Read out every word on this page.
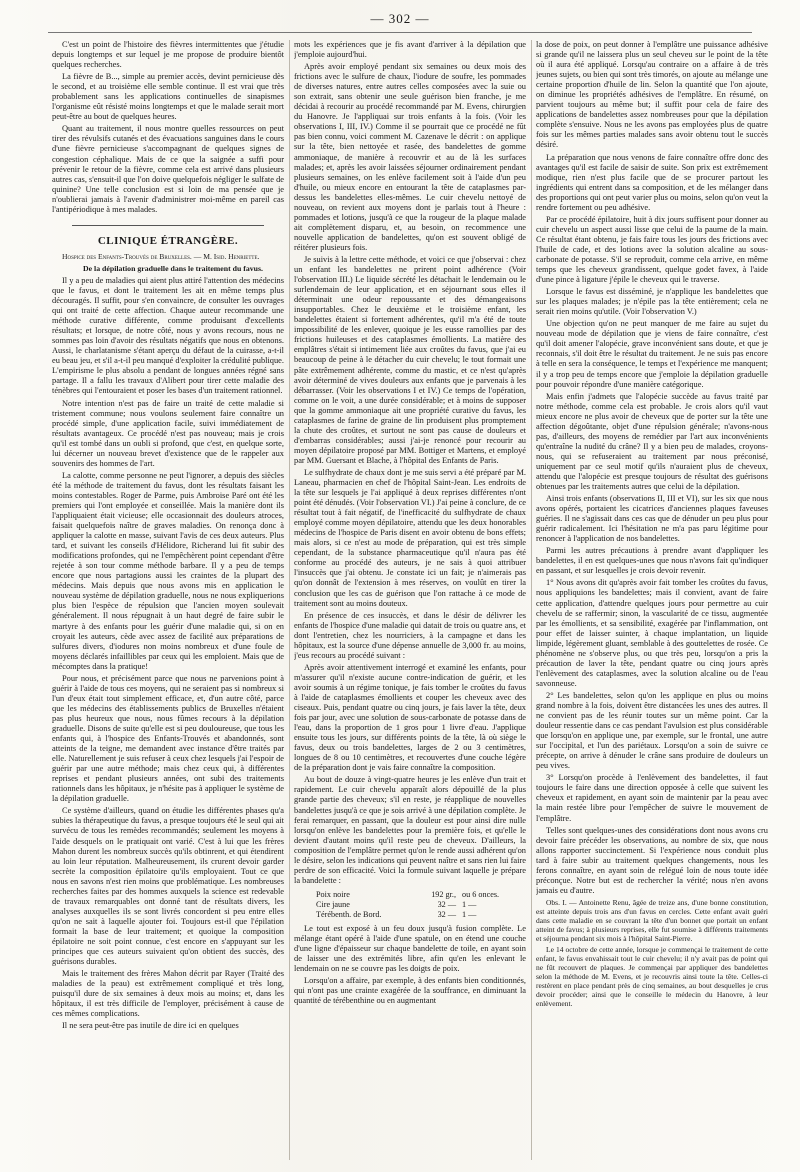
— 302 —

C'est un point de l'histoire des fièvres intermittentes que j'étudie depuis longtemps et sur lequel je me propose de produire bientôt quelques recherches.

La fièvre de B..., simple au premier accès, devint pernicieuse dès le second, et au troisième elle semble continue. Il est vrai que très probablement sans les applications continuelles de sinapismes l'organisme eût résisté moins longtemps et que le malade serait mort peut-être au bout de quelques heures.

Quant au traitement, il nous montre quelles ressources on peut tirer des révulsifs cutanés et des évacuations sanguines dans le cours d'une fièvre pernicieuse s'accompagnant de quelques signes de congestion céphalique. Mais de ce que la saignée a suffi pour prévenir le retour de la fièvre, comme cela est arrivé dans plusieurs autres cas, s'ensuit-il que l'on doive quelquefois négliger le sulfate de quinine? Une telle conclusion est si loin de ma pensée que je n'oublierai jamais à l'avenir d'administrer moi-même en pareil cas l'antipériodique à mes malades.

CLINIQUE ÉTRANGÈRE.

Hospice des Enfants-Trouvés de Bruxelles. — M. Isid. Henriette.

De la dépilation graduelle dans le traitement du favus.

Il y a peu de maladies qui aient plus attiré l'attention des médecins que le favus, et dont le traitement les ait en même temps plus découragés. Il suffit, pour s'en convaincre, de consulter les ouvrages qui ont traité de cette affection. Chaque auteur recommande une méthode curative différente, comme produisant d'excellents résultats; et lorsque, de notre côté, nous y avons recours, nous ne sommes pas loin d'avoir des résultats négatifs que nous en obtenons. Aussi, le charlatanisme s'étant aperçu du défaut de la cuirasse, a-t-il eu beau jeu, et s'il a-t-il peu manqué d'exploiter la crédulité publique. L'empirisme le plus absolu a pendant de longues années régné sans partage. Il a fallu les travaux d'Alibert pour tirer cette maladie des ténèbres qui l'entouraient et poser les bases d'un traitement rationnel.

Notre intention n'est pas de faire un traité de cette maladie si tristement commune; nous voulons seulement faire connaître un procédé simple, d'une application facile, suivi immédiatement de résultats avantageux. Ce procédé n'est pas nouveau; mais je crois qu'il est tombé dans un oubli si profond, que c'est, en quelque sorte, lui décerner un nouveau brevet d'existence que de le rappeler aux souvenirs des hommes de l'art.

La calotte, comme personne ne peut l'ignorer, a depuis des siècles été la méthode de traitement du favus, dont les résultats faisant les moins contestables. Roger de Parme, puis Ambroise Paré ont été les premiers qui l'ont employée et conseillée. Mais la manière dont ils l'appliquaient était vicieuse; elle occasionnait des douleurs atroces, faisait quelquefois naître de graves maladies. On renonça donc à appliquer la calotte en masse, suivant l'avis de ces deux auteurs. Plus tard, et suivant les conseils d'Hélidore, Richerand lui fit subir des modifications profondes, qui ne l'empêchèrent point cependant d'être rejetée à son tour comme méthode barbare. Il y a peu de temps encore que nous partagions aussi les craintes de la plupart des médecins. Mais depuis que nous avons mis en application le nouveau système de dépilation graduelle, nous ne nous expliquerions plus bien l'espèce de répulsion que l'ancien moyen soulevait généralement. Il nous répugnait à un haut degré de faire subir le martyre à des enfants pour les guérir d'une maladie qui, si on en croyait les auteurs, cède avec assez de facilité aux préparations de sulfures divers, d'iodures non moins nombreux et d'une foule de moyens déclarés infaillibles par ceux qui les emploient. Mais que de mécomptes dans la pratique!

Pour nous, et précisément parce que nous ne parvenions point à guérir à l'aide de tous ces moyens, qui ne seraient pas si nombreux si l'un d'eux était tout simplement efficace, et, d'un autre côté, parce que les médecins des établissements publics de Bruxelles n'étaient pas plus heureux que nous, nous fûmes recours à la dépilation graduelle. Disons de suite qu'elle est si peu douloureuse, que tous les enfants qui, à l'hospice des Enfants-Trouvés et abandonnés, sont atteints de la teigne, me demandent avec instance d'être traités par elle. Naturellement je suis refuser à ceux chez lesquels j'ai l'espoir de guérir par une autre méthode; mais chez ceux qui, à différentes reprises et pendant plusieurs années, ont subi des traitements rationnels dans les hôpitaux, je n'hésite pas à appliquer le système de la dépilation graduelle.

Ce système d'ailleurs, quand on étudie les différentes phases qu'a subies la thérapeutique du favus, a presque toujours été le seul qui ait survécu de tous les remèdes recommandés; seulement les moyens à l'aide desquels on le pratiquait ont varié. C'est à lui que les frères Mahon durent les nombreux succès qu'ils obtinrent, et qui étendirent au loin leur réputation. Malheureusement, ils crurent devoir garder secrète la composition épilatoire qu'ils employaient. Tout ce que nous en savons n'est rien moins que problématique. Les nombreuses recherches faites par des hommes auxquels la science est redevable de travaux remarquables ont donné tant de résultats divers, les analyses auxquelles ils se sont livrés concordent si peu entre elles qu'on ne sait à laquelle ajouter foi. Toujours est-il que l'épilation formait la base de leur traitement; et quoique la composition épilatoire ne soit point connue, c'est encore en s'appuyant sur les principes que ces auteurs suivaient qu'on obtient des succès, des guérisons durables.

Mais le traitement des frères Mahon décrit par Rayer (Traité des maladies de la peau) est extrêmement compliqué et très long, puisqu'il dure de six semaines à deux mois au moins; et, dans les hôpitaux, il est très difficile de l'employer, précisément à cause de ces mêmes complications.

Il ne sera peut-être pas inutile de dire ici en quelques

mots les expériences que je fis avant d'arriver à la dépilation que j'emploie aujourd'hui.

Après avoir employé pendant six semaines ou deux mois des frictions avec le sulfure de chaux, l'iodure de soufre, les pommades de diverses natures, entre autres celles composées avec la suie ou son extrait, sans obtenir une seule guérison bien franche, je me décidai à recourir au procédé recommandé par M. Evens, chirurgien du Hanovre. Je l'appliquai sur trois enfants à la fois. (Voir les observations I, III, IV.) Comme il se pourrait que ce procédé ne fût pas bien connu, voici comment M. Cazenave le décrit : on applique sur la tête, bien nettoyée et rasée, des bandelettes de gomme ammoniaque, de manière à recouvrir et au de là les surfaces malades; et, après les avoir laissées séjourner ordinairement pendant plusieurs semaines, on les enlève facilement soit à l'aide d'un peu d'huile, ou mieux encore en entourant la tête de cataplasmes par-dessus les bandelettes elles-mêmes. Le cuir chevelu nettoyé de nouveau, on revient aux moyens dont je parlais tout à l'heure : pommades et lotions, jusqu'à ce que la rougeur de la plaque malade ait complètement disparu, et, au besoin, on recommence une nouvelle application de bandelettes, qu'on est souvent obligé de réitérer plusieurs fois.

Je suivis à la lettre cette méthode, et voici ce que j'observai : chez un enfant les bandelettes ne prirent point adhérence (Voir l'observation III.) Le liquide sécrété les détachait le lendemain ou le surlendemain de leur application, et en séjournant sous elles il déterminait une odeur repoussante et des démangeaisons insupportables. Chez le deuxième et le troisième enfant, les bandelettes étaient si fortement adhérentes, qu'il m'a été de toute impossibilité de les enlever, quoique je les eusse ramollies par des frictions huileuses et des cataplasmes émollients. La matière des emplâtres s'était si intimement liée aux croûtes du favus, que j'ai eu beaucoup de peine à le détacher du cuir chevelu; le tout formait une pâte extrêmement adhérente, comme du mastic, et ce n'est qu'après avoir déterminé de vives douleurs aux enfants que je parvenais à les débarrasser. (Voir les observations I et IV.) Ce temps de l'opération, comme on le voit, a une durée considérable; et à moins de supposer que la gomme ammoniaque ait une propriété curative du favus, les cataplasmes de farine de graine de lin produisent plus promptement la chute des croûtes, et surtout ne sont pas cause de douleurs et d'embarras considérables; aussi j'ai-je renoncé pour recourir au moyen dépilatoire proposé par MM. Bottiger et Martens, et employé par MM. Guersant et Blache, à l'hôpital des Enfants de Paris.

Le sulfhydrate de chaux dont je me suis servi a été préparé par M. Laneau, pharmacien en chef de l'hôpital Saint-Jean. Les endroits de la tête sur lesquels je l'ai appliqué à deux reprises différentes n'ont point été dénudés. (Voir l'observation VI.) J'ai peine à conclure, de ce résultat tout à fait négatif, de l'inefficacité du sulfhydrate de chaux employé comme moyen dépilatoire, attendu que les deux honorables médecins de l'hospice de Paris disent en avoir obtenu de bons effets; mais alors, si ce n'est au mode de préparation, qui est très simple cependant, de la substance pharmaceutique qu'il n'aura pas été conforme au procédé des auteurs, je ne sais à quoi attribuer l'insuccès que j'ai obtenu. Je constate ici un fait; je n'aimerais pas qu'on donnât de l'extension à mes réserves, on voulût en tirer la conclusion que les cas de guérison que l'on rattache à ce mode de traitement sont au moins douteux.

En présence de ces insuccès, et dans le désir de délivrer les enfants de l'hospice d'une maladie qui datait de trois ou quatre ans, et dont l'entretien, chez les nourriciers, à la campagne et dans les hôpitaux, est la source d'une dépense annuelle de 3,000 fr. au moins, j'eus recours au procédé suivant :

Après avoir attentivement interrogé et examiné les enfants, pour m'assurer qu'il n'existe aucune contre-indication de guérir, et les avoir soumis à un régime tonique, je fais tomber le croûtes du favus à l'aide de cataplasmes émollients et couper les cheveux avec des ciseaux. Puis, pendant quatre ou cinq jours, je fais laver la tête, deux fois par jour, avec une solution de sous-carbonate de potasse dans de l'eau, dans la proportion de 1 gros pour 1 livre d'eau. J'applique ensuite tous les jours, sur différents points de la tête, là où siège le favus, deux ou trois bandelettes, larges de 2 ou 3 centimètres, longues de 8 ou 10 centimètres, et recouvertes d'une couche légère de la préparation dont je vais faire connaître la composition.

Au bout de douze à vingt-quatre heures je les enlève d'un trait et rapidement. Le cuir chevelu apparaît alors dépouillé de la plus grande partie des cheveux; s'il en reste, je réapplique de nouvelles bandelettes jusqu'à ce que je sois arrivé à une dépilation complète. Je ferai remarquer, en passant, que la douleur est pour ainsi dire nulle lorsqu'on enlève les bandelettes pour la première fois, et qu'elle le devient d'autant moins qu'il reste peu de cheveux. D'ailleurs, la composition de l'emplâtre permet qu'on le rende aussi adhérent qu'on le désire, selon les indications qui peuvent naître et sans rien lui faire perdre de son efficacité. Voici la formule suivant laquelle je prépare la bandelette :

Poix noire	192 gr., ou 6 onces.
Cire jaune	32 — 1 —
Térébenth. de Bord.	32 — 1 —

Le tout est exposé à un feu doux jusqu'à fusion complète. Le mélange étant opéré à l'aide d'une spatule, on en étend une couche d'une ligne d'épaisseur sur chaque bandelette de toile, en ayant soin de laisser une des extrémités libre, afin qu'en les enlevant le lendemain on ne se couvre pas les doigts de poix.

Lorsqu'on a affaire, par exemple, à des enfants bien conditionnés, qui n'ont pas une crainte exagérée de la souffrance, en diminuant la quantité de térébenthine ou en augmentant

la dose de poix, on peut donner à l'emplâtre une puissance adhésive si grande qu'il ne laissera plus un seul cheveu sur le point de la tête où il aura été appliqué. Lorsqu'au contraire on a affaire à de très jeunes sujets, ou bien qui sont très timorés, on ajoute au mélange une certaine proportion d'huile de lin. Selon la quantité que l'on ajoute, on diminue les propriétés adhésives de l'emplâtre. En résumé, on parvient toujours au même but; il suffit pour cela de faire des applications de bandelettes assez nombreuses pour que la dépilation complète s'ensuive. Nous ne les avons pas employées plus de quatre fois sur les mêmes parties malades sans avoir obtenu tout le succès désiré.

La préparation que nous venons de faire connaître offre donc des avantages qu'il est facile de saisir de suite. Son prix est extrêmement modique, rien n'est plus facile que de se procurer partout les ingrédients qui entrent dans sa composition, et de les mélanger dans des proportions qui ont peut varier plus ou moins, selon qu'on veut la rendre fortement ou peu adhésive.

Par ce procédé épilatoire, huit à dix jours suffisent pour donner au cuir chevelu un aspect aussi lisse que celui de la paume de la main. Ce résultat étant obtenu, je fais faire tous les jours des frictions avec l'huile de cade, et des lotions avec la solution alcaline au sous-carbonate de potasse. S'il se reproduit, comme cela arrive, en même temps que les cheveux grandissent, quelque godet favex, à l'aide d'une pince à ligature j'épile le cheveux qui le traverse.

Lorsque le favus est disséminé, je n'applique les bandelettes que sur les plaques malades; je n'épile pas la tête entièrement; cela ne serait rien moins qu'utile. (Voir l'observation V.)

Une objection qu'on ne peut manquer de me faire au sujet du nouveau mode de dépilation que je viens de faire connaître, c'est qu'il doit amener l'alopécie, grave inconvénient sans doute, et que je reconnais, s'il doit être le résultat du traitement. Je ne suis pas encore à telle en sera la conséquence, le temps et l'expérience me manquent; il y a trop peu de temps encore que j'emploie la dépilation graduelle pour pouvoir répondre d'une manière catégorique.

Mais enfin j'admets que l'alopécie succède au favus traité par notre méthode, comme cela est probable. Je crois alors qu'il vaut mieux encore ne plus avoir de cheveux que de porter sur la tête une affection dégoûtante, objet d'une répulsion générale; n'avons-nous pas, d'ailleurs, des moyens de remédier par l'art aux inconvénients qu'entraîne la nudité du crâne? Il y a bien peu de malades, croyons-nous, qui se refuseraient au traitement par nous préconisé, uniquement par ce seul motif qu'ils n'auraient plus de cheveux, attendu que l'alopécie est presque toujours de résultat des guérisons obtenues par les traitements autres que celui de la dépilation.

Ainsi trois enfants (observations II, III et VI), sur les six que nous avons opérés, portaient les cicatrices d'anciennes plaques faveuses guéries. Il ne s'agissait dans ces cas que de dénuder un peu plus pour guérir radicalement. Ici l'hésitation ne m'a pas paru légitime pour renoncer à l'application de nos bandelettes.

Parmi les autres précautions à prendre avant d'appliquer les bandelettes, il en est quelques-unes que nous n'avons fait qu'indiquer en passant, et sur lesquelles je crois devoir revenir.

1° Nous avons dit qu'après avoir fait tomber les croûtes du favus, nous appliquions les bandelettes; mais il convient, avant de faire cette application, d'attendre quelques jours pour permettre au cuir chevelu de se raffermir; sinon, la vascularité de ce tissu, augmentée par les émollients, et sa sensibilité, exagérée par l'inflammation, ont pour effet de laisser suinter, à chaque implantation, un liquide limpide, légèrement gluant, semblable à des gouttelettes de rosée. Ce phénomène ne s'observe plus, ou que très peu, lorsqu'on a pris la précaution de laver la tête, pendant quatre ou cinq jours après l'enlèvement des cataplasmes, avec la solution alcaline ou de l'eau savonneuse.

2° Les bandelettes, selon qu'on les applique en plus ou moins grand nombre à la fois, doivent être distancées les unes des autres. Il ne convient pas de les réunir toutes sur un même point. Car la douleur ressentie dans ce cas pendant l'avulsion est plus considérable que lorsqu'on en applique une, par exemple, sur le frontal, une autre sur l'occipital, et l'un des pariétaux. Lorsqu'on a soin de suivre ce précepte, on arrive à dénuder le crâne sans produire de douleurs un peu vives.

3° Lorsqu'on procède à l'enlèvement des bandelettes, il faut toujours le faire dans une direction opposée à celle que suivent les cheveux et rapidement, en ayant soin de maintenir par la peau avec la main restée libre pour l'empêcher de suivre le mouvement de l'emplâtre.

Telles sont quelques-unes des considérations dont nous avons cru devoir faire précéder les observations, au nombre de six, que nous allons rapporter succinctement. Si l'expérience nous conduit plus tard à faire subir au traitement quelques changements, nous les ferons connaître, en ayant soin de relégué loin de nous toute idée préconçue. Notre but est de rechercher la vérité; nous n'en avons jamais eu d'autre.

Obs. I. — Antoinette Renu, âgée de treize ans, d'une bonne constitution, est atteinte depuis trois ans d'un favus en cercles. Cette enfant avait guéri dans cette maladie en se couvrant la tête d'un bonnet que portait un enfant atteint de favus; à plusieurs reprises, elle fut soumise à différents traitements et séjourna pendant six mois à l'hôpital Saint-Pierre.

Le 14 octobre de cette année, lorsque je commençai le traitement de cette enfant, le favus envahissait tout le cuir chevelu; il n'y avait pas de point qui ne fût recouvert de plaques. Je commençai par appliquer des bandelettes selon la méthode de M. Evens, et je recouvris ainsi toute la tête. Celles-ci restèrent en place pendant près de cinq semaines, au bout desquelles je crus devoir procéder; ainsi que le conseille le médecin du Hanovre, à leur enlèvement.
